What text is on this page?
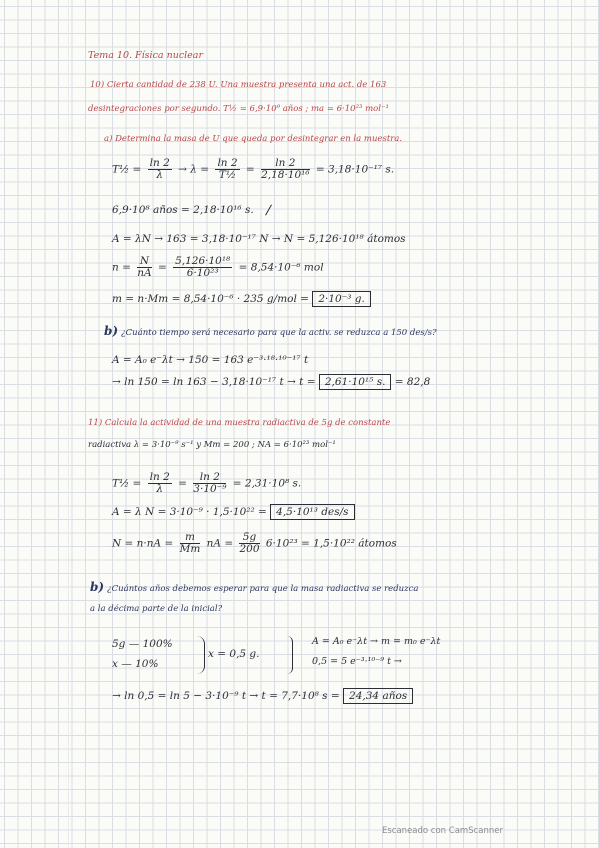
Tema 10. Física nuclear
10) Cierta cantidad de 238 U. Una muestra presenta una act. de 163
desintegraciones por segundo. T½ = 6,9·10⁹ años ; ma = 6·10²³ mol⁻¹
a) Determina la masa de U que queda por desintegrar en la muestra.
T½ = $\frac{\ln 2}{\lambda} \to \lambda = \frac{\ln 2}{\text{T½}} = \frac{\ln 2}{\text{2,18·10¹⁶}} = 3,18\cdot 10^{-17}$ s.
6,9·10⁸ años = 2,18·10¹⁶ s.
A = λN → 163 = 3,18·10⁻¹⁷ N → N = 5,126·10¹⁸ átomos
$n = \frac{N}{nA} = \frac{\text{5,126·10¹⁸}}{\text{6·10²³}} = 8,54\cdot 10^{-6}$ mol
m = n·Mm = 8,54·10⁻⁶ · 235 g/mol = 2·10⁻³ g.
b) ¿Cuánto tiempo será necesario para que la activ. se reduzca a 150 des/s?
A = A₀ e⁻λt → 150 = 163 e⁻³·¹⁸·¹⁰⁻¹⁷ t
→ ln 150 = ln 163 − 3,18·10⁻¹⁷ t → t = 2,61·10¹⁵ s. = 82,8
11) Calcula la actividad de una muestra radiactiva de 5g de constante
radiactiva λ = 3·10⁻⁹ s⁻¹ y Mm = 200 ; NA = 6·10²³ mol⁻¹
T½ = $\frac{\ln 2}{\lambda} = \frac{\ln 2}{\text{3·10⁻⁹}} = 2,31\cdot 10^8$ s.
A = λ N = 3·10⁻⁹ · 1,5·10²² = 4,5·10¹³ des/s
$N = n\cdot nA = \frac{m}{Mm}$ nA = $\frac{5g}{200} 6\cdot 10^{23} = 1,5\cdot 10^{22}$ átomos
b) ¿Cuántos años debemos esperar para que la masa radiactiva se reduzca
a la décima parte de la inicial?
5g — 100%
x — 10%
x = 0,5 g.
A = A₀ e⁻λt → m = m₀ e⁻λt
0,5 = 5 e⁻³·¹⁰⁻⁹ t →
→ ln 0,5 = ln 5 − 3·10⁻⁹ t → t = 7,7·10⁸ s = 24,34 años
Escaneado con CamScanner
